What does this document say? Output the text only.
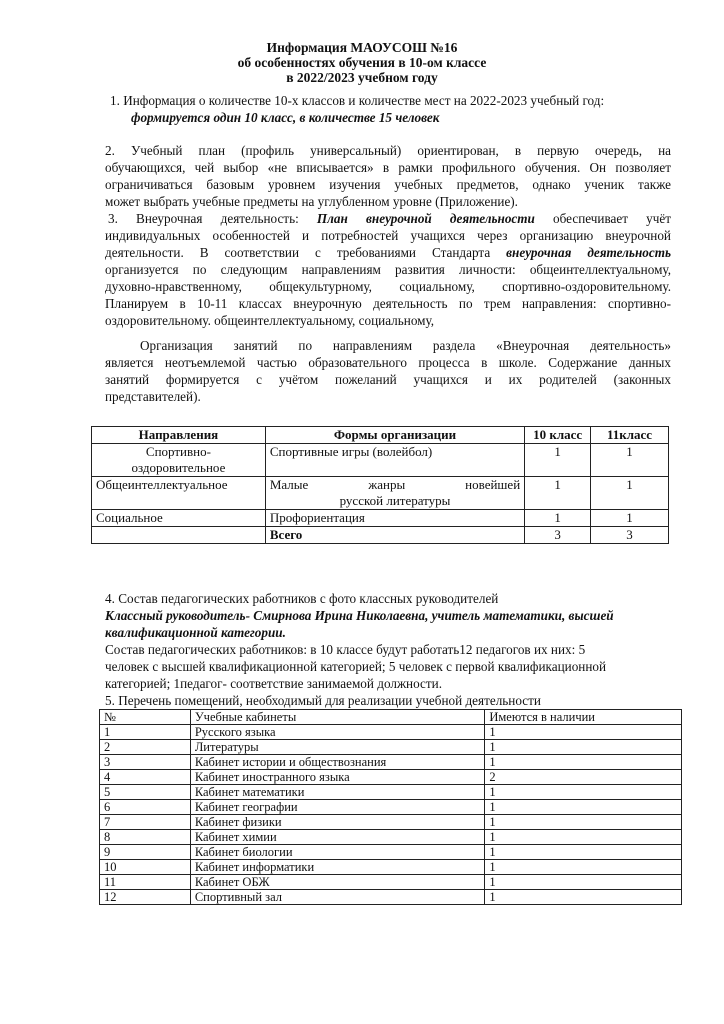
Информация МАОУСОШ №16
об особенностях обучения в 10-ом классе
в 2022/2023 учебном году
1. Информация о количестве 10-х классов и количестве мест на 2022-2023 учебный год:
формируется один 10 класс, в количестве 15 человек
2. Учебный план (профиль универсальный) ориентирован, в первую очередь, на
обучающихся, чей выбор «не вписывается» в рамки профильного обучения. Он позволяет
ограничиваться базовым уровнем изучения учебных предметов, однако ученик также
может выбрать учебные предметы на углубленном уровне (Приложение).
3. Внеурочная деятельность: План внеурочной деятельности обеспечивает учёт
индивидуальных особенностей и потребностей учащихся через организацию внеурочной
деятельности. В соответствии с требованиями Стандарта внеурочная деятельность
организуется по следующим направлениям развития личности: общеинтеллектуальному,
духовно-нравственному, общекультурному, социальному, спортивно-оздоровительному.
Планируем в 10-11 классах внеурочную деятельность по трем направления: спортивно-
оздоровительному. общеинтеллектуальному, социальному,
Организация занятий по направлениям раздела «Внеурочная деятельность»
является неотъемлемой частью образовательного процесса в школе. Содержание данных
занятий формируется с учётом пожеланий учащихся и их родителей (законных
представителей).
Направления	Формы организации	10 класс	11класс

Спортивно-
оздоровительное	Спортивные игры (волейбол)	1	1
Общеинтеллектуальное	Малые жанры новейшей
русской литературы	1	1
Социальное	Профориентация	1	1
	Всего	3	3
4. Состав педагогических работников с фото классных руководителей
Классный руководитель- Смирнова Ирина Николаевна, учитель математики, высшей
квалификационной категории.
Состав педагогических работников: в 10 классе будут работать12 педагогов их них: 5
человек с высшей квалификационной категорией; 5 человек с первой квалификационной
категорией; 1педагог- соответствие занимаемой должности.
5. Перечень помещений, необходимый для реализации учебной деятельности
№	Учебные кабинеты	Имеются в наличии
1	Русского языка	1
2	Литературы	1
3	Кабинет истории и обществознания	1
4	Кабинет иностранного языка	2
5	Кабинет математики	1
6	Кабинет географии	1
7	Кабинет физики	1
8	Кабинет химии	1
9	Кабинет биологии	1
10	Кабинет информатики	1
11	Кабинет ОБЖ	1
12	Спортивный зал	1
